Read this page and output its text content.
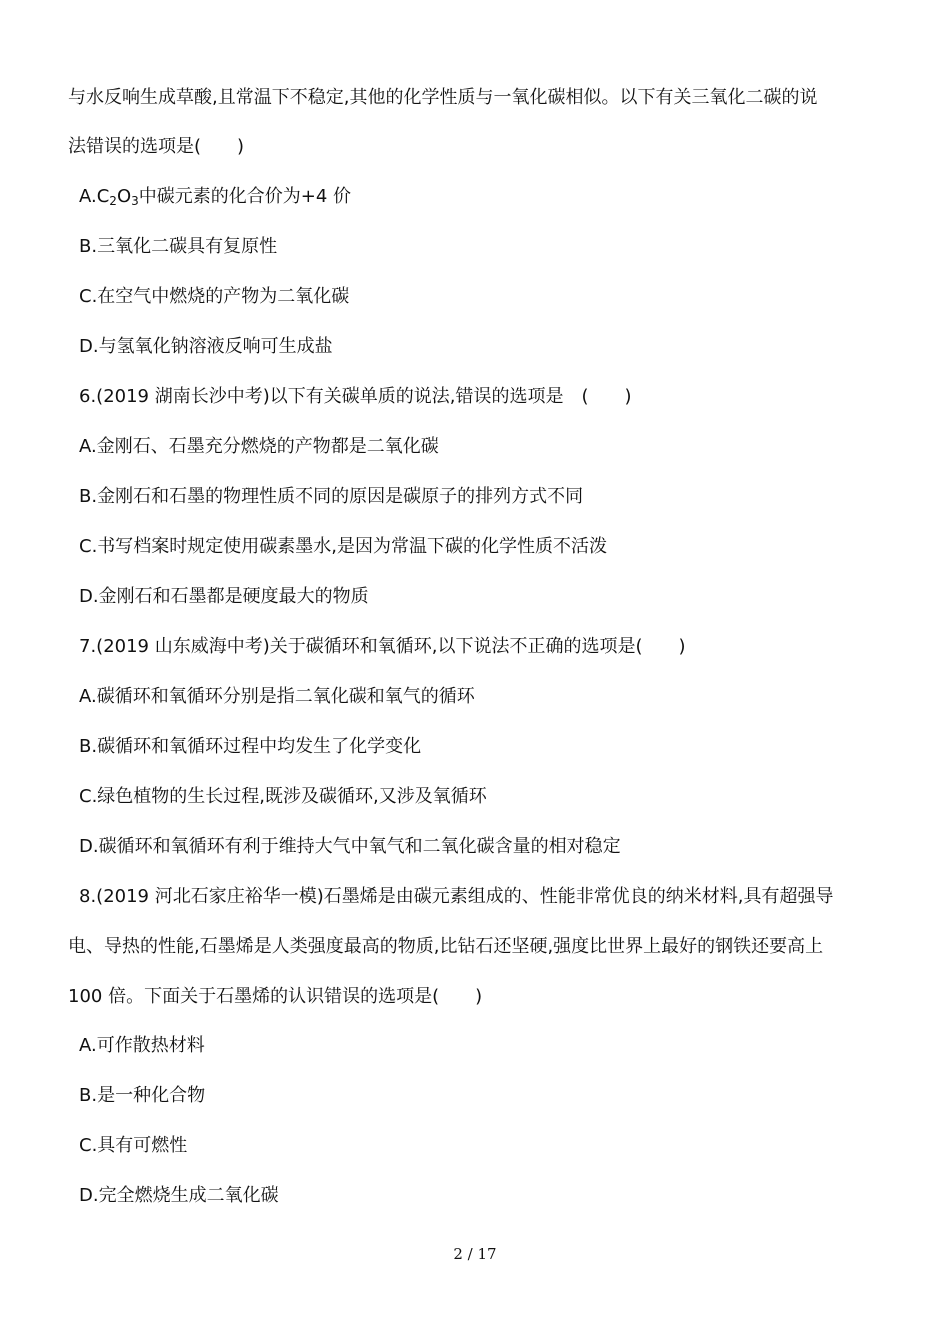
与水反响生成草酸,且常温下不稳定,其他的化学性质与一氧化碳相似。以下有关三氧化二碳的说
法错误的选项是(　　)
$A.C_2O_3$中碳元素的化合价为+4 价
B.三氧化二碳具有复原性
C.在空气中燃烧的产物为二氧化碳
D.与氢氧化钠溶液反响可生成盐
6.(2019 湖南长沙中考)以下有关碳单质的说法,错误的选项是　(　　)
A.金刚石、石墨充分燃烧的产物都是二氧化碳
B.金刚石和石墨的物理性质不同的原因是碳原子的排列方式不同
C.书写档案时规定使用碳素墨水,是因为常温下碳的化学性质不活泼
D.金刚石和石墨都是硬度最大的物质
7.(2019 山东威海中考)关于碳循环和氧循环,以下说法不正确的选项是(　　)
A.碳循环和氧循环分别是指二氧化碳和氧气的循环
B.碳循环和氧循环过程中均发生了化学变化
C.绿色植物的生长过程,既涉及碳循环,又涉及氧循环
D.碳循环和氧循环有利于维持大气中氧气和二氧化碳含量的相对稳定
8.(2019 河北石家庄裕华一模)石墨烯是由碳元素组成的、性能非常优良的纳米材料,具有超强导
电、导热的性能,石墨烯是人类强度最高的物质,比钻石还坚硬,强度比世界上最好的钢铁还要高上
100 倍。下面关于石墨烯的认识错误的选项是(　　)
A.可作散热材料
B.是一种化合物
C.具有可燃性
D.完全燃烧生成二氧化碳
2 / 17
